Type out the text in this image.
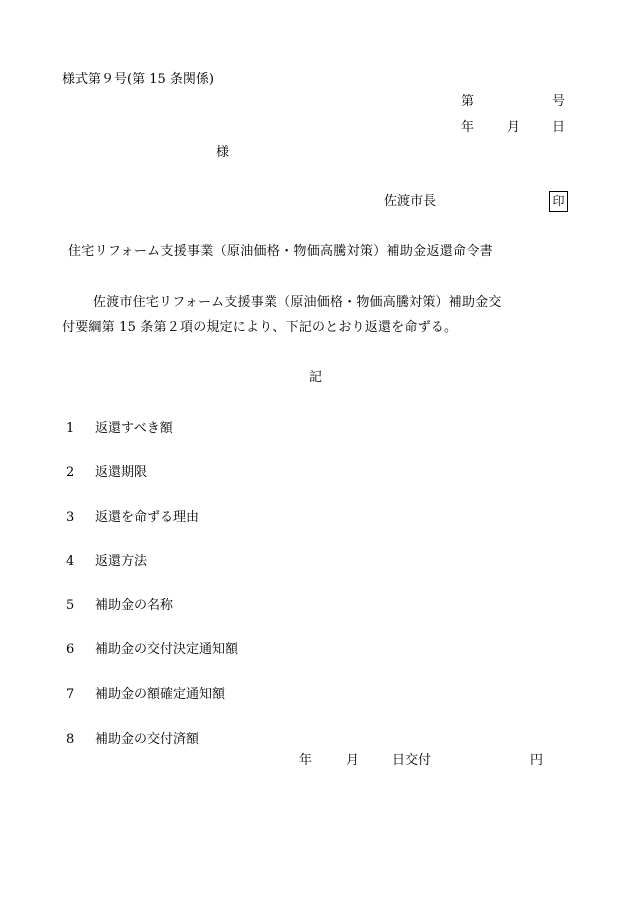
様式第９号(第 15 条関係)
第	号
年	月 日
様
佐渡市長	印
住宅リフォーム支援事業（原油価格・物価高騰対策）補助金返還命令書
佐渡市住宅リフォーム支援事業（原油価格・物価高騰対策）補助金交
付要綱第 15 条第２項の規定により、下記のとおり返還を命ずる。
記
1 返還すべき額
2 返還期限
3 返還を命ずる理由
4 返還方法
5 補助金の名称
6 補助金の交付決定通知額
7 補助金の額確定通知額
8 補助金の交付済額
年	月	日交付	円
